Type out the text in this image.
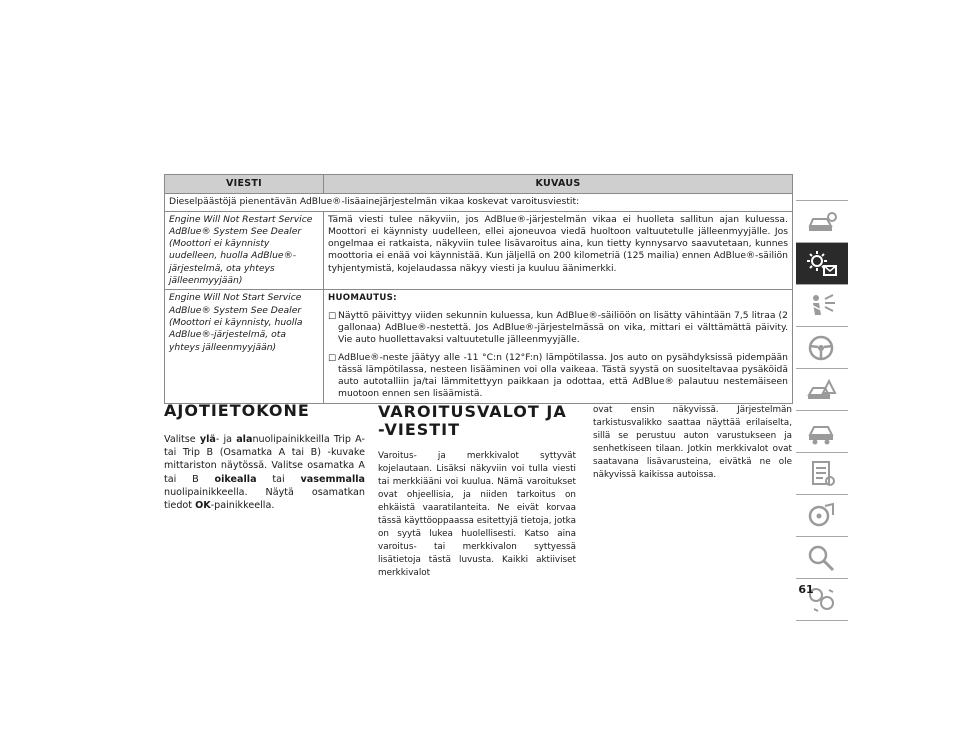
VIESTI	KUVAUS
Dieselpäästöjä pienentävän AdBlue®-lisäainejärjestelmän vikaa koskevat varoitusviestit:	
Engine Will Not Restart Service AdBlue® System See Dealer (Moottori ei käynnisty uudelleen, huolla AdBlue®-järjestelmä, ota yhteys jälleenmyyjään)	Tämä viesti tulee näkyviin, jos AdBlue®-järjestelmän vikaa ei huolleta sallitun ajan kuluessa. Moottori ei käynnisty uudelleen, ellei ajoneuvoa viedä huoltoon valtuutetulle jälleenmyyjälle. Jos ongelmaa ei ratkaista, näkyviin tulee lisävaroitus aina, kun tietty kynnysarvo saavutetaan, kunnes moottoria ei enää voi käynnistää. Kun jäljellä on 200 kilometriä (125 mailia) ennen AdBlue®-säiliön tyhjentymistä, kojelaudassa näkyy viesti ja kuuluu äänimerkki.
Engine Will Not Start Service AdBlue® System See Dealer (Moottori ei käynnisty, huolla AdBlue®-järjestelmä, ota yhteys jälleenmyyjään)	HUOMAUTUS:
☐ Näyttö päivittyy viiden sekunnin kuluessa, kun AdBlue®-säiliöön on lisätty vähintään 7,5 litraa (2 gallonaa) AdBlue®-nestettä. Jos AdBlue®-järjestelmässä on vika, mittari ei välttämättä päivity. Vie auto huollettavaksi valtuutetulle jälleenmyyjälle.
☐ AdBlue®-neste jäätyy alle -11 °C:n (12°F:n) lämpötilassa. Jos auto on pysähdyksissä pidempään tässä lämpötilassa, nesteen lisääminen voi olla vaikeaa. Tästä syystä on suositeltavaa pysäköidä auto autotalliin ja/tai lämmitettyyn paikkaan ja odottaa, että AdBlue® palautuu nestemäiseen muotoon ennen sen lisäämistä.
AJOTIETOKONE

Valitse ylä- ja alanuolipainikkeilla Trip A- tai Trip B (Osamatka A tai B) -kuvake mittariston näytössä. Valitse osamatka A tai B oikealla tai vasemmalla nuolipainikkeella. Näytä osamatkan tiedot OK-painikkeella.

VAROITUSVALOT JA -VIESTIT

Varoitus- ja merkkivalot syttyvät kojelautaan. Lisäksi näkyviin voi tulla viesti tai merkkiääni voi kuulua. Nämä varoitukset ovat ohjeellisia, ja niiden tarkoitus on ehkäistä vaaratilanteita. Ne eivät korvaa tässä käyttöoppaassa esitettyjä tietoja, jotka on syytä lukea huolellisesti. Katso aina varoitus- tai merkkivalon syttyessä lisätietoja tästä luvusta. Kaikki aktiiviset merkkivalot

ovat ensin näkyvissä. Järjestelmän tarkistusvalikko saattaa näyttää erilaiselta, sillä se perustuu auton varustukseen ja senhetkiseen tilaan. Jotkin merkkivalot ovat saatavana lisävarusteina, eivätkä ne ole näkyvissä kaikissa autoissa.

61
